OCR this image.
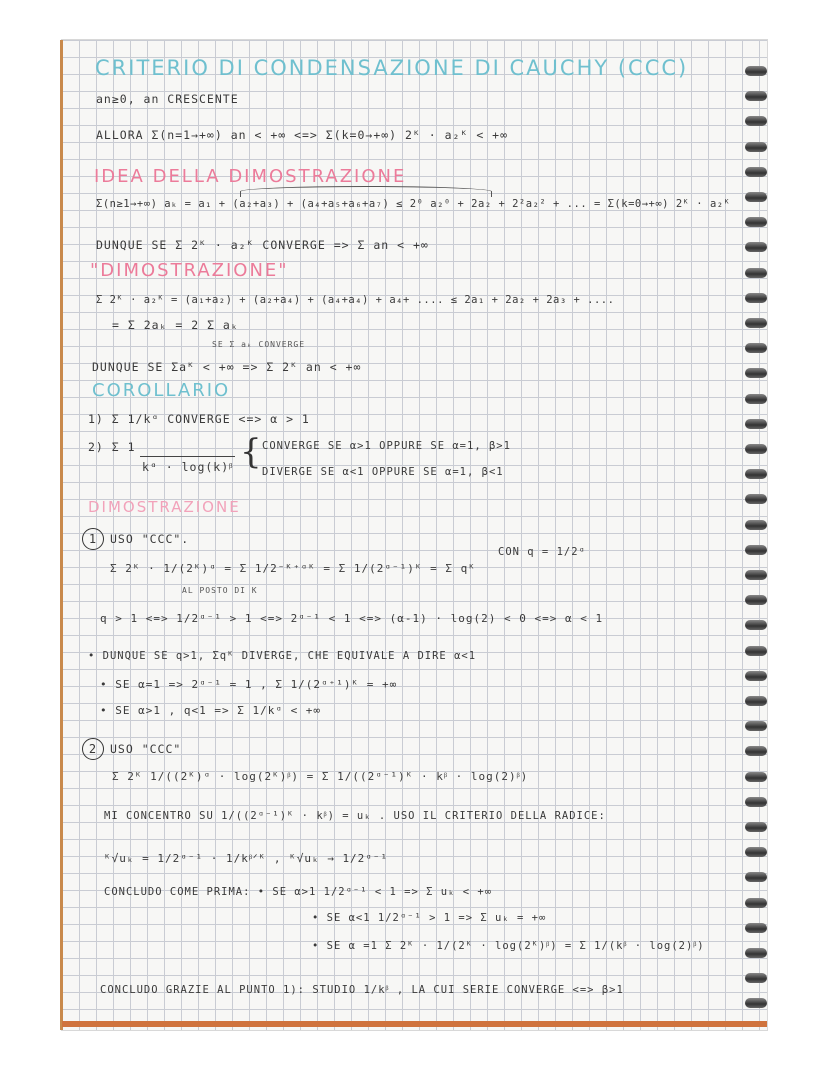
CRITERIO DI CONDENSAZIONE DI CAUCHY (CCC)
an≥0, an CRESCENTE
ALLORA Σ(n=1→+∞) an < +∞ <=> Σ(k=0→+∞) 2ᴷ · a₂ᴷ < +∞
IDEA DELLA DIMOSTRAZIONE
Σ(n≥1→+∞) aₖ = a₁ + (a₂+a₃) + (a₄+a₅+a₆+a₇) ≤ 2⁰ a₂⁰ + 2a₂ + 2²a₂² + ... = Σ(k=0→+∞) 2ᴷ · a₂ᴷ
DUNQUE SE Σ 2ᴷ · a₂ᴷ CONVERGE => Σ an < +∞
"DIMOSTRAZIONE"
Σ 2ᴷ · a₂ᴷ = (a₁+a₂) + (a₂+a₄) + (a₄+a₄) + a₄+ .... ≤ 2a₁ + 2a₂ + 2a₃ + ....
= Σ 2aₖ = 2 Σ aₖ
SE Σ aₖ CONVERGE
DUNQUE SE Σaᴷ < +∞ => Σ 2ᴷ an < +∞
COROLLARIO
1) Σ 1/kᵅ CONVERGE <=> α > 1
2) Σ 1
kᵅ · log(k)ᵝ { CONVERGE SE α>1 OPPURE SE α=1, β>1
DIVERGE SE α<1 OPPURE SE α=1, β<1
DIMOSTRAZIONE
1 USO "CCC".
Σ 2ᴷ · 1/(2ᴷ)ᵅ = Σ 1/2⁻ᴷ⁺ᵅᴷ = Σ 1/(2ᵅ⁻¹)ᴷ = Σ qᴷ
CON q = 1/2ᵅ
AL POSTO DI K
q > 1 <=> 1/2ᵅ⁻¹ > 1 <=> 2ᵅ⁻¹ < 1 <=> (α-1) · log(2) < 0 <=> α < 1
• DUNQUE SE q>1, Σqᴷ DIVERGE, CHE EQUIVALE A DIRE α<1
• SE α=1 => 2ᵅ⁻¹ = 1 , Σ 1/(2ᵅ⁺¹)ᴷ = +∞
• SE α>1 , q<1 => Σ 1/kᵅ < +∞
2 USO "CCC"
Σ 2ᴷ 1/((2ᴷ)ᵅ · log(2ᴷ)ᵝ) = Σ 1/((2ᵅ⁻¹)ᴷ · kᵝ · log(2)ᵝ)
MI CONCENTRO SU 1/((2ᵅ⁻¹)ᴷ · kᵝ) = uₖ . USO IL CRITERIO DELLA RADICE:
ᴷ√uₖ = 1/2ᵅ⁻¹ · 1/kᵝᐟᴷ , ᴷ√uₖ → 1/2ᵅ⁻¹
CONCLUDO COME PRIMA: • SE α>1 1/2ᵅ⁻¹ < 1 => Σ uₖ < +∞
• SE α<1 1/2ᵅ⁻¹ > 1 => Σ uₖ = +∞
• SE α =1 Σ 2ᴷ · 1/(2ᴷ · log(2ᴷ)ᵝ) = Σ 1/(kᵝ · log(2)ᵝ)
CONCLUDO GRAZIE AL PUNTO 1): STUDIO 1/kᵝ , LA CUI SERIE CONVERGE <=> β>1
